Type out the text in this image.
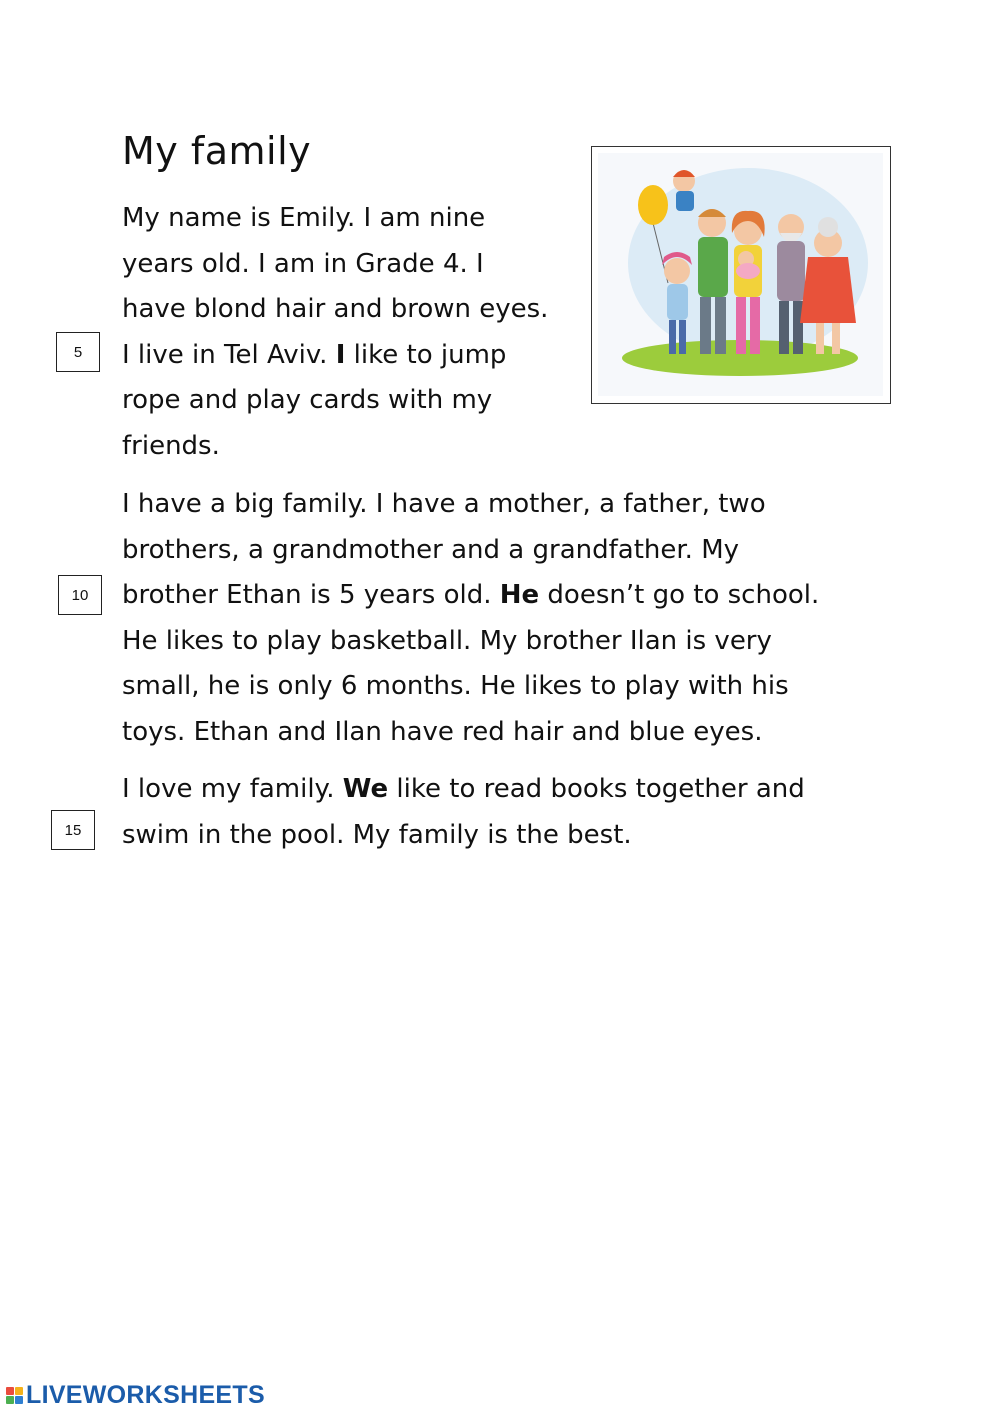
My family
My name is Emily. I am nine
years old. I am in Grade 4. I
have blond hair and brown eyes.
I live in Tel Aviv. I like to jump
rope and play cards with my
friends.
I have a big family. I have a mother, a father, two
brothers, a grandmother and a grandfather. My
brother Ethan is 5 years old. He doesn’t go to school.
He likes to play basketball. My brother Ilan is very
small, he is only 6 months. He likes to play with his
toys. Ethan and Ilan have red hair and blue eyes.
I love my family. We like to read books together and
swim in the pool. My family is the best.
5
10
15
LIVEWORKSHEETS
